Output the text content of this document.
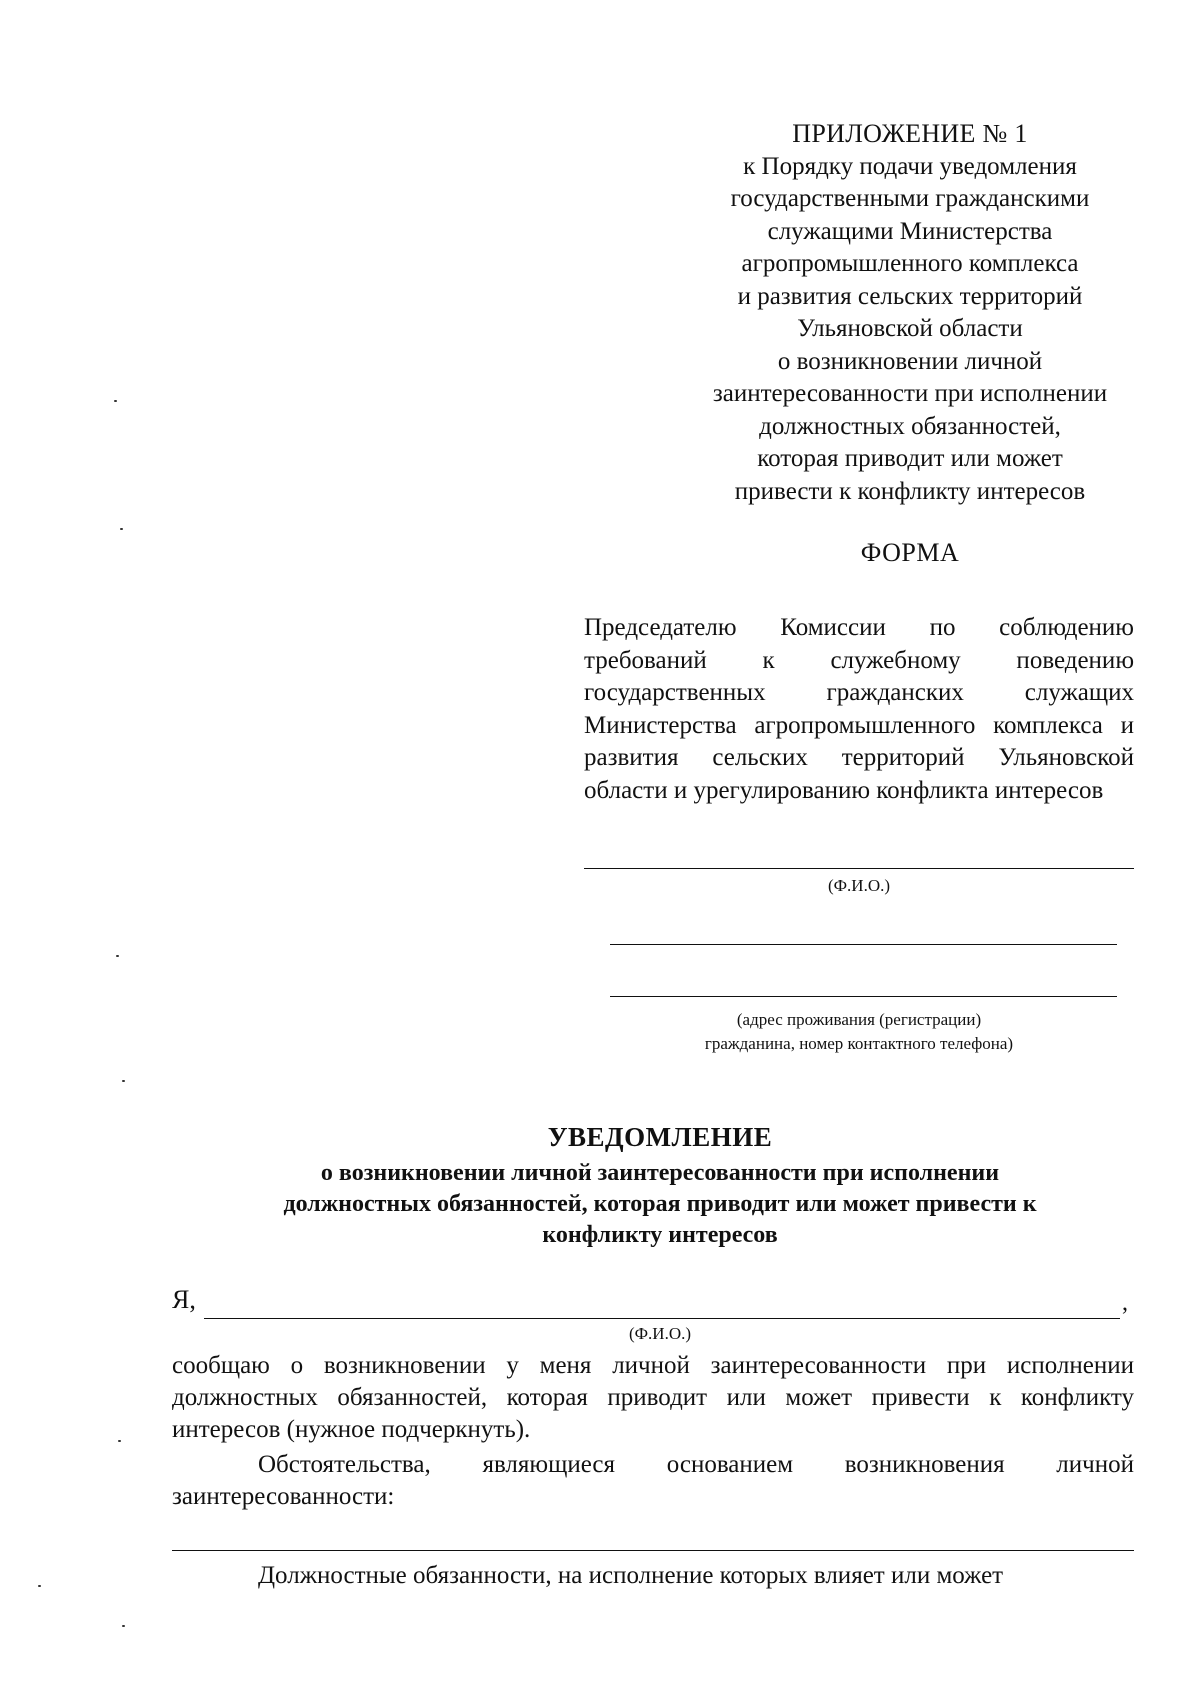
ПРИЛОЖЕНИЕ № 1
к Порядку подачи уведомления
государственными гражданскими
служащими Министерства
агропромышленного комплекса
и развития сельских территорий
Ульяновской области
о возникновении личной
заинтересованности при исполнении
должностных обязанностей,
которая приводит или может
привести к конфликту интересов
ФОРМА
Председателю Комиссии по соблюдению требований к служебному поведению государственных гражданских служащих Министерства агропромышленного комплекса и развития сельских территорий Ульяновской области и урегулированию конфликта интересов
(Ф.И.О.)
(адрес проживания (регистрации)
гражданина, номер контактного телефона)
УВЕДОМЛЕНИЕ
о возникновении личной заинтересованности при исполнении должностных обязанностей, которая приводит или может привести к конфликту интересов
Я,	,
(Ф.И.О.)
сообщаю о возникновении у меня личной заинтересованности при исполнении должностных обязанностей, которая приводит или может привести к конфликту интересов (нужное подчеркнуть).
Обстоятельства, являющиеся основанием возникновения личной заинтересованности:
Должностные обязанности, на исполнение которых влияет или может
